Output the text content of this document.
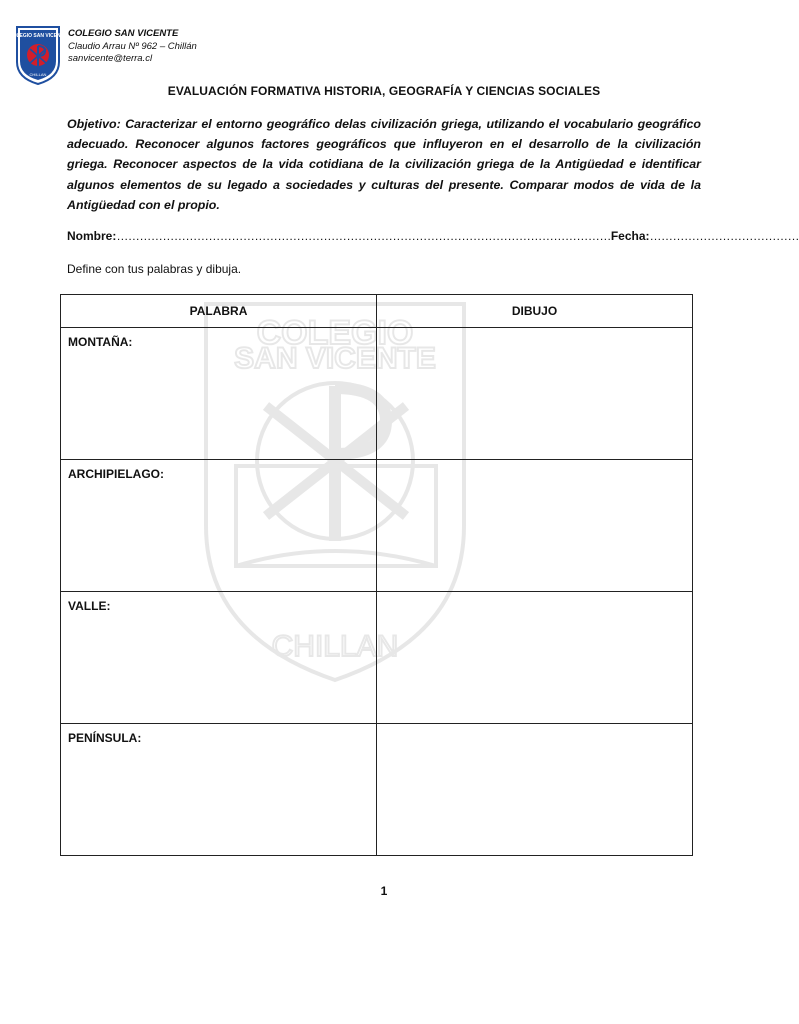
COLEGIO SAN VICENTE
CHILLAN
COLEGIO SAN VICENTE
Claudio Arrau Nº 962 – Chillán
sanvicente@terra.cl
EVALUACIÓN FORMATIVA HISTORIA, GEOGRAFÍA Y CIENCIAS SOCIALES
Objetivo: Caracterizar el entorno geográfico delas civilización griega, utilizando el vocabulario geográfico adecuado. Reconocer algunos factores geográficos que influyeron en el desarrollo de la civilización griega. Reconocer aspectos de la vida cotidiana de la civilización griega de la Antigüedad e identificar algunos elementos de su legado a sociedades y culturas del presente. Comparar modos de vida de la Antigüedad con el propio.
Nombre:…………………………………………………………………………………………………………………Fecha:…………………………………
Define con tus palabras y dibuja.
COLEGIO
SAN VICENTE
CHILLAN
PALABRA	DIBUJO

MONTAÑA:	

ARCHIPIELAGO:	

VALLE:	

PENÍNSULA:	

1
